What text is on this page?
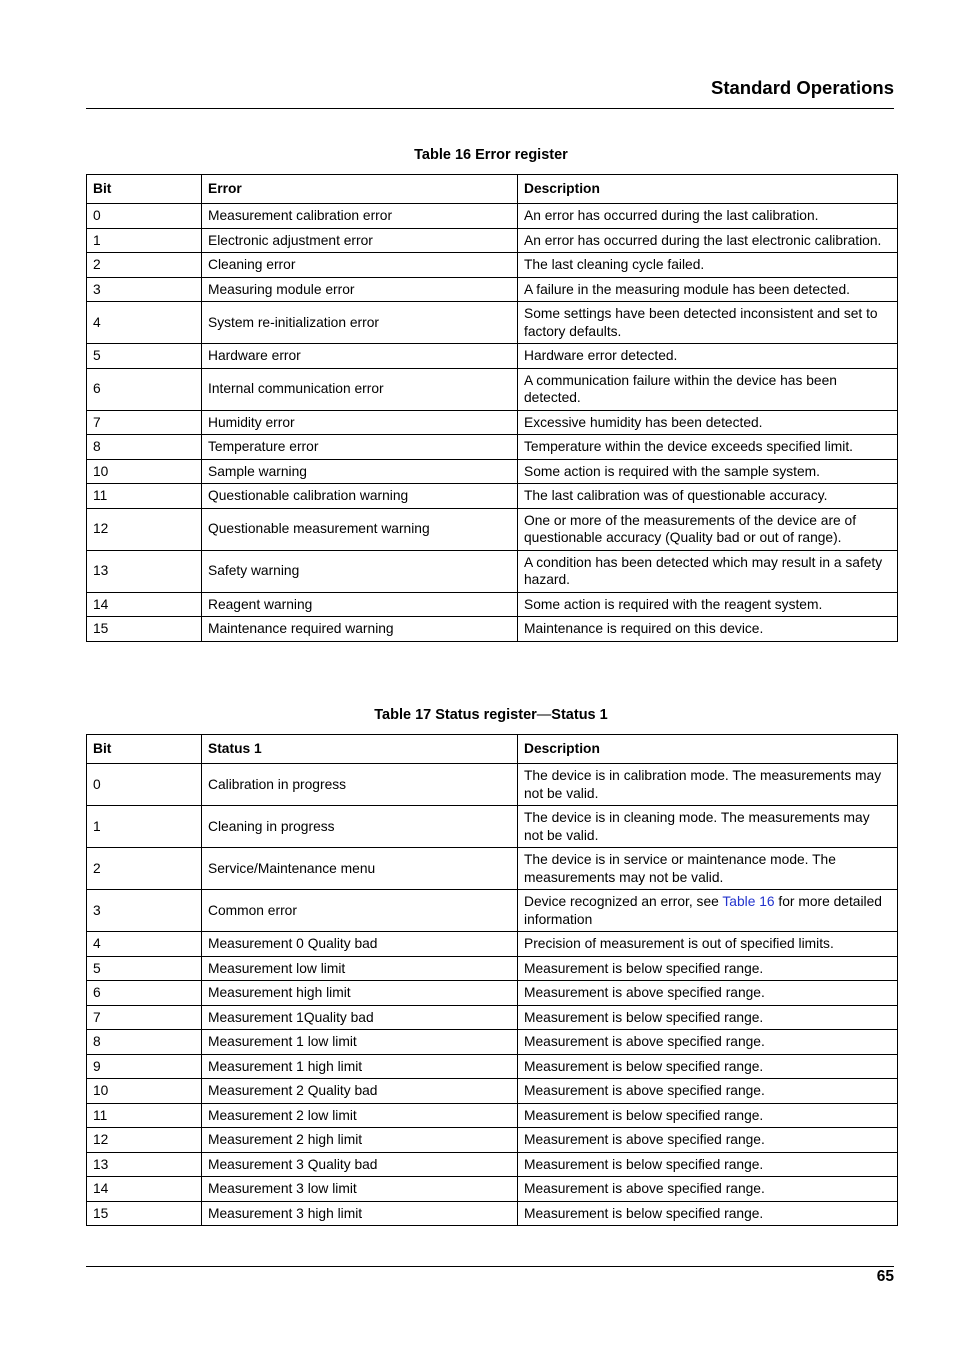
Standard Operations
Table 16 Error register
Bit	Error	Description
0	Measurement calibration error	An error has occurred during the last calibration.
1	Electronic adjustment error	An error has occurred during the last electronic calibration.
2	Cleaning error	The last cleaning cycle failed.
3	Measuring module error	A failure in the measuring module has been detected.
4	System re-initialization error	Some settings have been detected inconsistent and set to factory defaults.
5	Hardware error	Hardware error detected.
6	Internal communication error	A communication failure within the device has been detected.
7	Humidity error	Excessive humidity has been detected.
8	Temperature error	Temperature within the device exceeds specified limit.
10	Sample warning	Some action is required with the sample system.
11	Questionable calibration warning	The last calibration was of questionable accuracy.
12	Questionable measurement warning	One or more of the measurements of the device are of questionable accuracy (Quality bad or out of range).
13	Safety warning	A condition has been detected which may result in a safety hazard.
14	Reagent warning	Some action is required with the reagent system.
15	Maintenance required warning	Maintenance is required on this device.
Table 17 Status register—Status 1
Bit	Status 1	Description
0	Calibration in progress	The device is in calibration mode. The measurements may not be valid.
1	Cleaning in progress	The device is in cleaning mode. The measurements may not be valid.
2	Service/Maintenance menu	The device is in service or maintenance mode. The measurements may not be valid.
3	Common error	Device recognized an error, see Table 16 for more detailed information
4	Measurement 0 Quality bad	Precision of measurement is out of specified limits.
5	Measurement low limit	Measurement is below specified range.
6	Measurement high limit	Measurement is above specified range.
7	Measurement 1Quality bad	Measurement is below specified range.
8	Measurement 1 low limit	Measurement is above specified range.
9	Measurement 1 high limit	Measurement is below specified range.
10	Measurement 2 Quality bad	Measurement is above specified range.
11	Measurement 2 low limit	Measurement is below specified range.
12	Measurement 2 high limit	Measurement is above specified range.
13	Measurement 3 Quality bad	Measurement is below specified range.
14	Measurement 3 low limit	Measurement is above specified range.
15	Measurement 3 high limit	Measurement is below specified range.
65
